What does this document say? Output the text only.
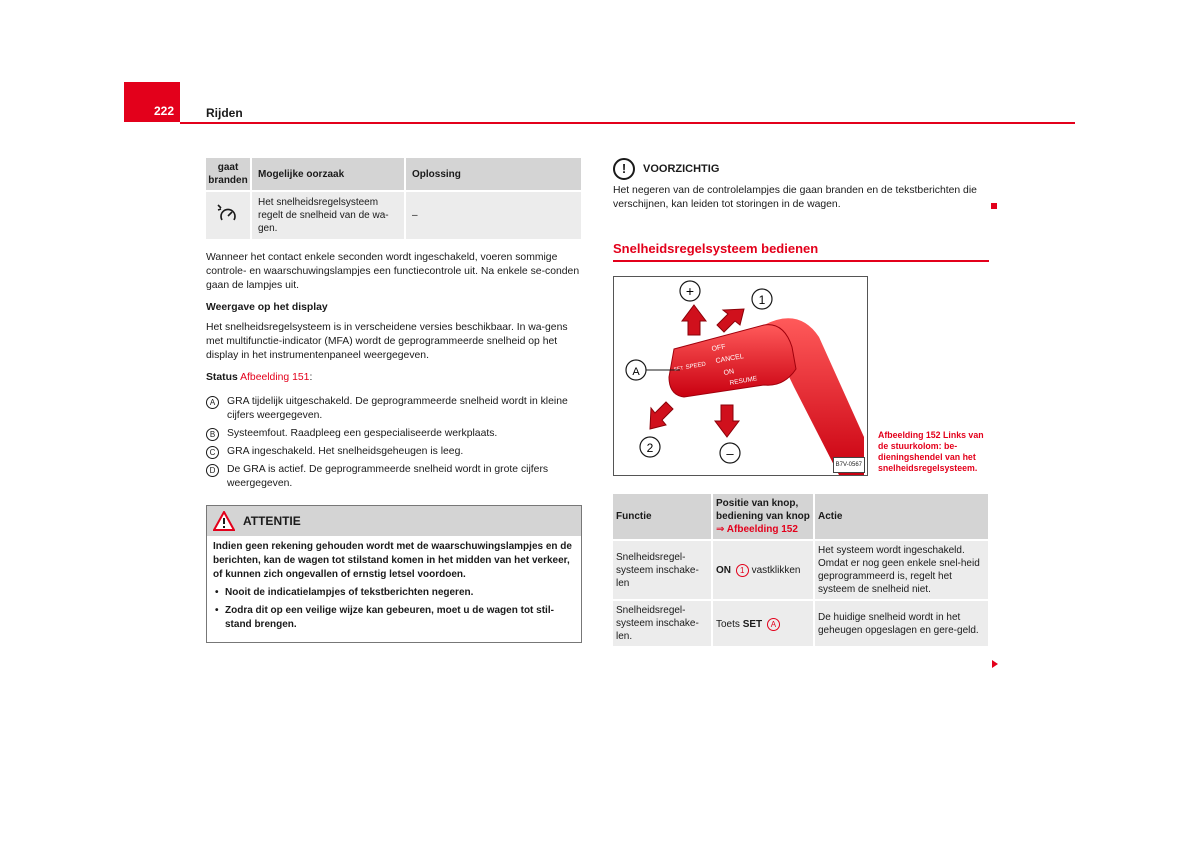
222	Rijden
gaat branden	Mogelijke oorzaak	Oplossing
	Het snelheidsregelsysteem regelt de snelheid van de wa-gen.	–

Wanneer het contact enkele seconden wordt ingeschakeld, voeren sommige controle- en waarschuwingslampjes een functiecontrole uit. Na enkele se-conden gaan de lampjes uit.

Weergave op het display

Het snelheidsregelsysteem is in verscheidene versies beschikbaar. In wa-gens met multifunctie-indicator (MFA) wordt de geprogrammeerde snelheid op het display in het instrumentenpaneel weergegeven.

Status Afbeelding 151:

A	GRA tijdelijk uitgeschakeld. De geprogrammeerde snelheid wordt in kleine cijfers weergegeven.
B	Systeemfout. Raadpleeg een gespecialiseerde werkplaats.
C	GRA ingeschakeld. Het snelheidsgeheugen is leeg.
D	De GRA is actief. De geprogrammeerde snelheid wordt in grote cijfers weergegeven.
ATTENTIE
Indien geen rekening gehouden wordt met de waarschuwingslampjes en de berichten, kan de wagen tot stilstand komen in het midden van het verkeer, of kunnen zich ongevallen of ernstig letsel voordoen.
• Nooit de indicatielampjes of tekstberichten negeren.
• Zodra dit op een veilige wijze kan gebeuren, moet u de wagen tot stil-stand brengen.
!	VOORZICHTIG

Het negeren van de controlelampjes die gaan branden en de tekstberichten die verschijnen, kan leiden tot storingen in de wagen.

Snelheidsregelsysteem bedienen
OFF
CANCEL
ON
RESUME
SPEED
SET
+
1
A
2	–
B7V-0567
Afbeelding 152 Links van de stuurkolom: be-dieningshendel van het snelheidsregelsysteem.
Functie	Positie van knop, bediening van knop ⇒ Afbeelding 152	Actie
Snelheidsregel-systeem inschake-len	ON 1 vastklikken	Het systeem wordt ingeschakeld. Omdat er nog geen enkele snel-heid geprogrammeerd is, regelt het systeem de snelheid niet.
Snelheidsregel-systeem inschake-len.	Toets SET A	De huidige snelheid wordt in het geheugen opgeslagen en gere-geld.
